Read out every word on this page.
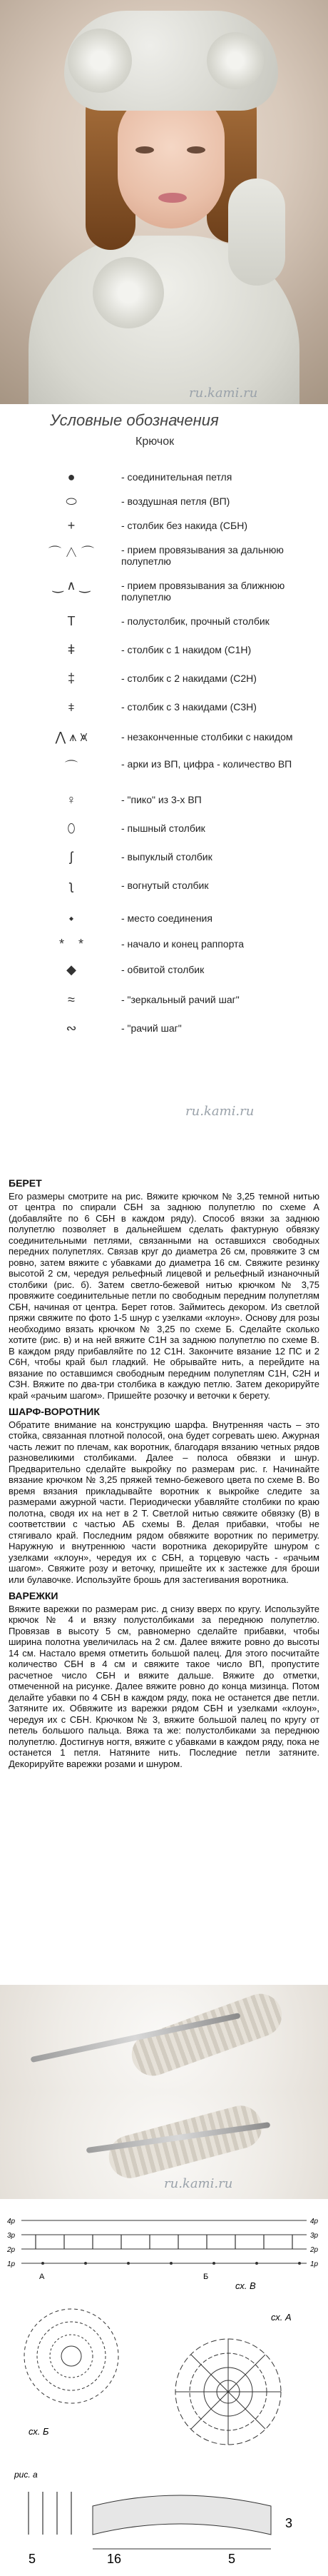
ru.kami.ru
Условные обозначения
Крючок
●	- соединительная петля
⬭	- воздушная петля (ВП)
+	- столбик без накида (СБН)
⌒ ∧ ⌒	- прием провязывания за дальнюю полупетлю
‿ ∧ ‿	- прием провязывания за ближнюю полупетлю
T	- полустолбик, прочный столбик
ǂ	- столбик с 1 накидом (С1Н)
‡	- столбик с 2 накидами (С2Н)
⧧	- столбик с 3 накидами (С3Н)
⋀ ⩚ ⩙	- незаконченные столбики с накидом
⌒	- арки из ВП, цифра - количество ВП
♀	- "пико" из 3-х ВП
⬯	- пышный столбик
ʃ	- выпуклый столбик
ʅ	- вогнутый столбик
⬩	- место соединения
*    *	- начало и конец раппорта
◆	- обвитой столбик
≈	- "зеркальный рачий шаг"
∾	- "рачий шаг"
ru.kami.ru
БЕРЕТ

Его размеры смотрите на рис. Вяжите крючком № 3,25 темной нитью от центра по спирали СБН за заднюю полупетлю по схеме А (добавляйте по 6 СБН в каждом ряду). Способ вязки за заднюю полупетлю позволяет в дальнейшем сделать фактурную обвязку соединительными петлями, связанными на оставшихся свободных передних полупетлях. Связав круг до диаметра 26 см, провяжите 3 см ровно, затем вяжите с убавками до диаметра 16 см. Свяжите резинку высотой 2 см, чередуя рельефный лицевой и рельефный изнаночный столбики (рис. б). Затем светло-бежевой нитью крючком № 3,75 провяжите соединительные петли по свободным передним полупетлям СБН, начиная от центра. Берет готов. Займитесь декором. Из светлой пряжи свяжите по фото 1-5 шнур с узелками «клоун». Основу для розы необходимо вязать крючком № 3,25 по схеме Б. Сделайте сколько хотите (рис. в) и на ней вяжите С1Н за заднюю полупетлю по схеме В. В каждом ряду прибавляйте по 12 С1Н. Закончите вязание 12 ПС и 2 С6Н, чтобы край был гладкий. Не обрывайте нить, а перейдите на вязание по оставшимся свободным передним полупетлям С1Н, С2Н и С3Н. Вяжите по два-три столбика в каждую петлю. Затем декорируйте край «рачьим шагом». Пришейте розочку и веточки к берету.

ШАРФ-ВОРОТНИК

Обратите внимание на конструкцию шарфа. Внутренняя часть – это стойка, связанная плотной полосой, она будет согревать шею. Ажурная часть лежит по плечам, как воротник, благодаря вязанию четных рядов разновеликими столбиками. Далее – полоса обвязки и шнур. Предварительно сделайте выкройку по размерам рис. г. Начинайте вязание крючком № 3,25 пряжей темно-бежевого цвета по схеме В. Во время вязания прикладывайте воротник к выкройке следите за размерами ажурной части. Периодически убавляйте столбики по краю полотна, сводя их на нет в 2 Т. Светлой нитью свяжите обвязку (В) в соответствии с частью АБ схемы В. Делая прибавки, чтобы не стягивало край. Последним рядом обвяжите воротник по периметру. Наружную и внутреннюю части воротника декорируйте шнуром с узелками «клоун», чередуя их с СБН, а торцевую часть - «рачьим шагом». Свяжите розу и веточку, пришейте их к застежке для броши или булавочке. Используйте брошь для застегивания воротника.

ВАРЕЖКИ

Вяжите варежки по размерам рис. д снизу вверх по кругу. Используйте крючок № 4 и вязку полустолбиками за переднюю полупетлю. Провязав в высоту 5 см, равномерно сделайте прибавки, чтобы ширина полотна увеличилась на 2 см. Далее вяжите ровно до высоты 14 см. Настало время отметить большой палец. Для этого посчитайте количество СБН в 4 см и свяжите такое число ВП, пропустите расчетное число СБН и вяжите дальше. Вяжите до отметки, отмеченной на рисунке. Далее вяжите ровно до конца мизинца. Потом делайте убавки по 4 СБН в каждом ряду, пока не останется две петли. Затяните их. Обвяжите из варежки рядом СБН и узелками «клоун», чередуя их с СБН. Крючком № 3, вяжите большой палец по кругу от петель большого пальца. Вяжа та же: полустолбиками за переднюю полупетлю. Достигнув ногтя, вяжите с убавками в каждом ряду, пока не останется 1 петля. Натяните нить. Последние петли затяните. Декорируйте варежки розами и шнуром.

ru.kami.ru
4р
3р
2р
1р
4р
3р
2р
1р
А	Б
сх. В
сх. А
сх. Б
рис. а
3
5	16	5
